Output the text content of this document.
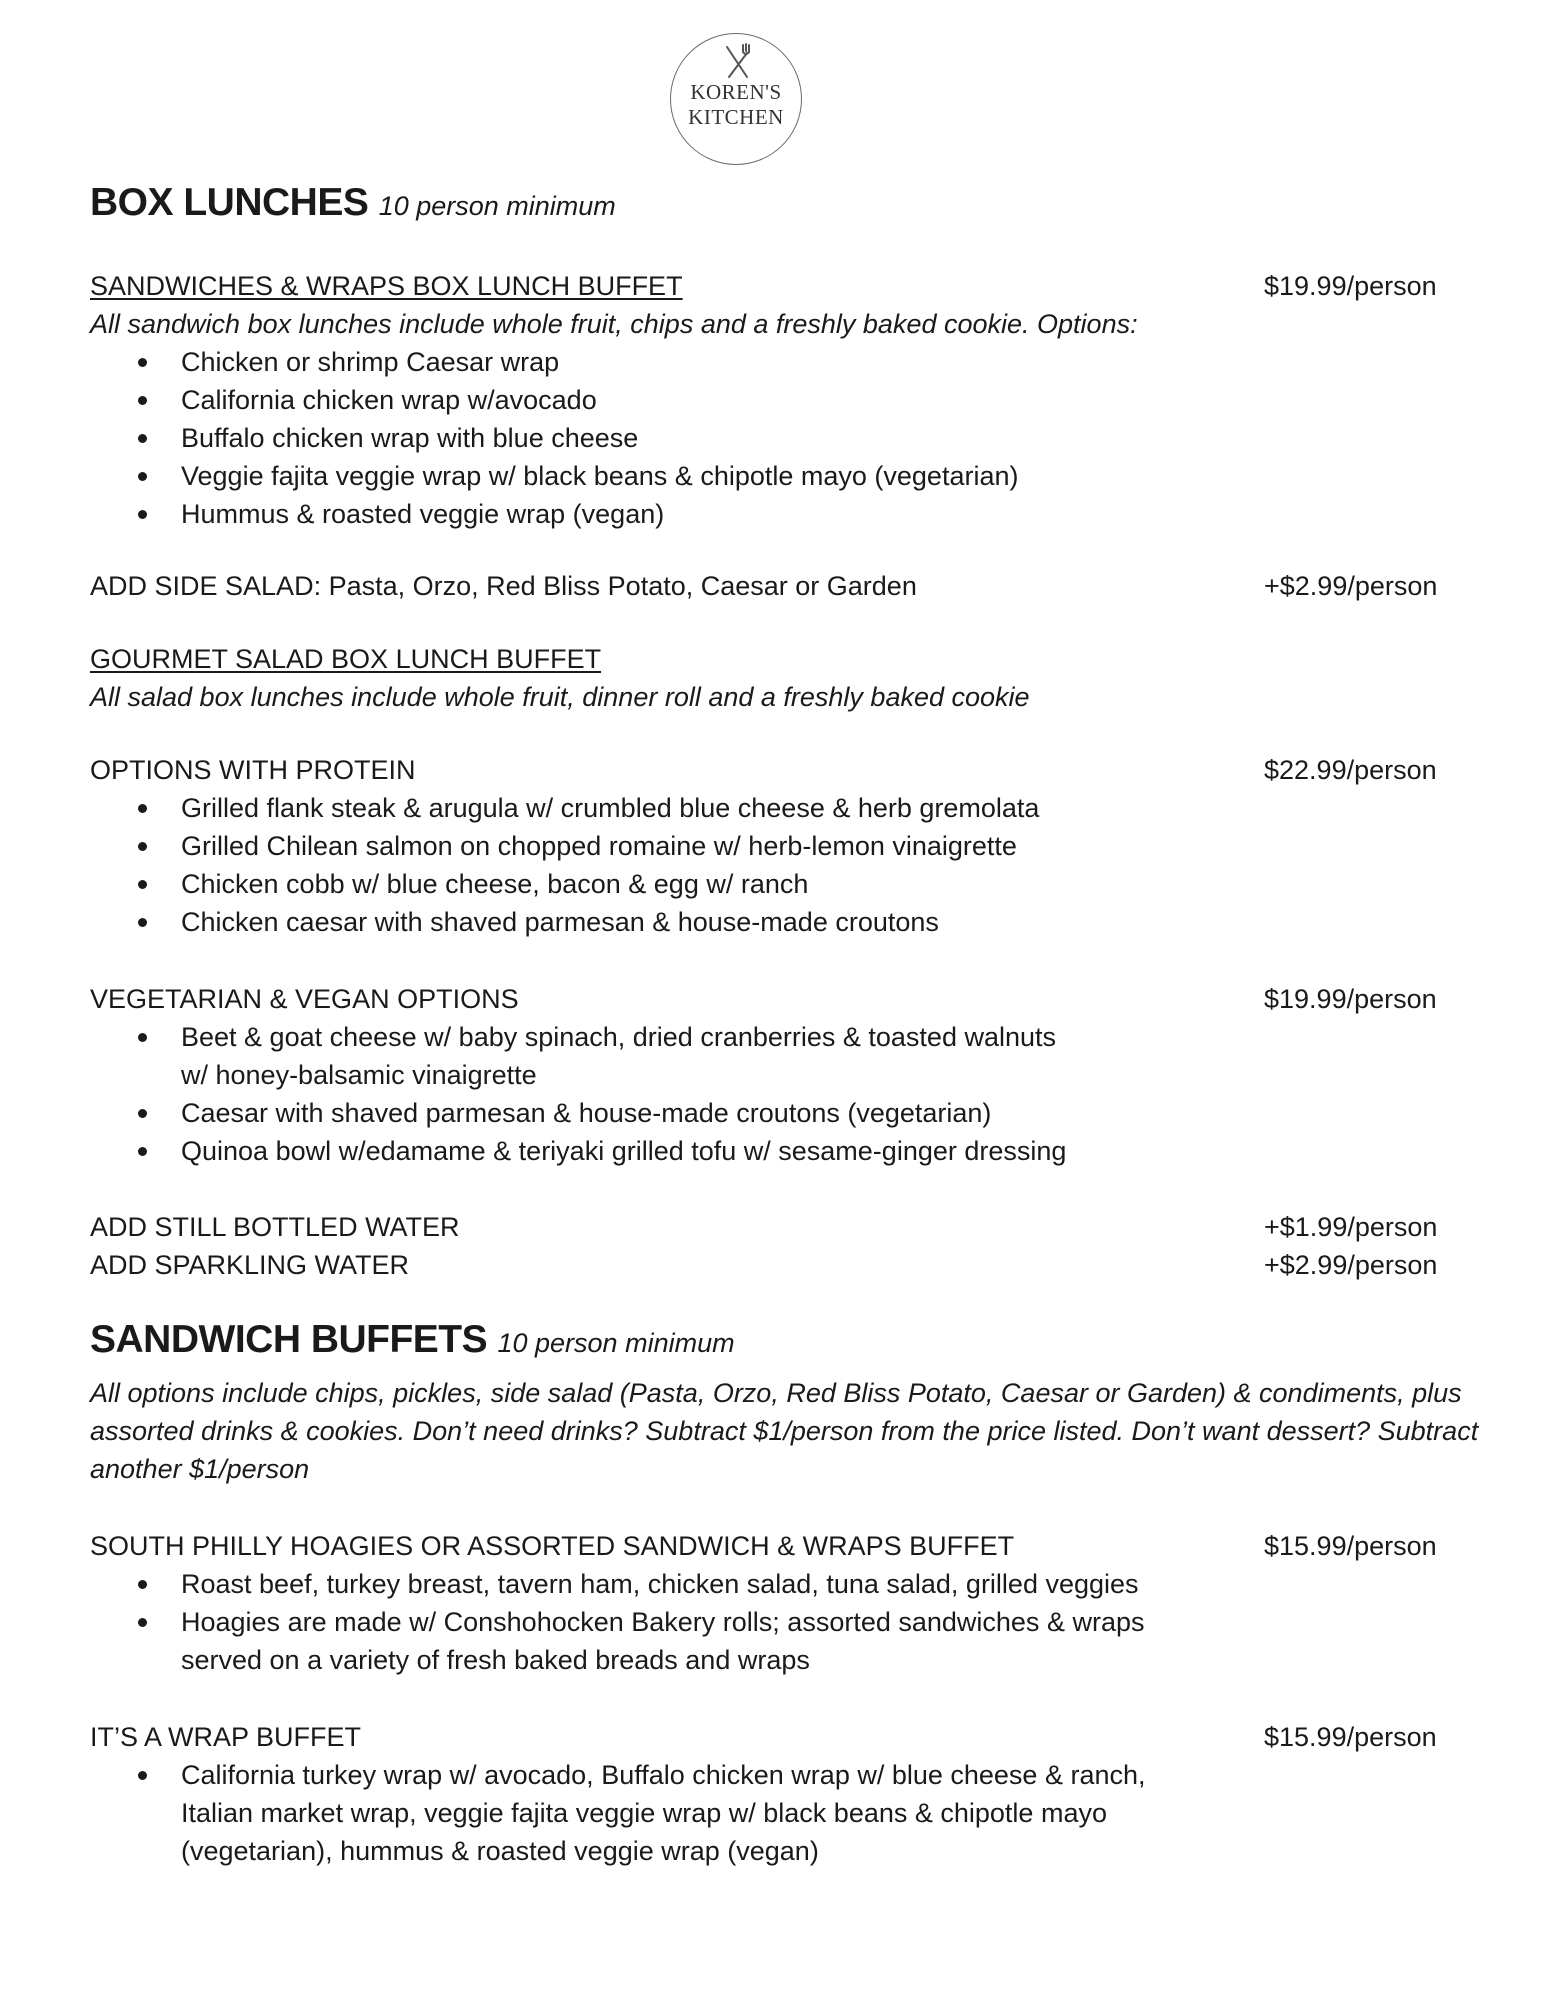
KOREN'S
KITCHEN
BOX LUNCHES 10 person minimum
SANDWICHES & WRAPS BOX LUNCH BUFFET	$19.99/person
All sandwich box lunches include whole fruit, chips and a freshly baked cookie. Options:
Chicken or shrimp Caesar wrap
California chicken wrap w/avocado
Buffalo chicken wrap with blue cheese
Veggie fajita veggie wrap w/ black beans & chipotle mayo (vegetarian)
Hummus & roasted veggie wrap (vegan)
ADD SIDE SALAD: Pasta, Orzo, Red Bliss Potato, Caesar or Garden	+$2.99/person
GOURMET SALAD BOX LUNCH BUFFET
All salad box lunches include whole fruit, dinner roll and a freshly baked cookie
OPTIONS WITH PROTEIN	$22.99/person
Grilled flank steak & arugula w/ crumbled blue cheese & herb gremolata
Grilled Chilean salmon on chopped romaine w/ herb-lemon vinaigrette
Chicken cobb w/ blue cheese, bacon & egg w/ ranch
Chicken caesar with shaved parmesan & house-made croutons
VEGETARIAN & VEGAN OPTIONS	$19.99/person
Beet & goat cheese w/ baby spinach, dried cranberries & toasted walnuts w/ honey-balsamic vinaigrette
Caesar with shaved parmesan & house-made croutons (vegetarian)
Quinoa bowl w/edamame & teriyaki grilled tofu w/ sesame-ginger dressing
ADD STILL BOTTLED WATER	+$1.99/person
ADD SPARKLING WATER	+$2.99/person
SANDWICH BUFFETS 10 person minimum
All options include chips, pickles, side salad (Pasta, Orzo, Red Bliss Potato, Caesar or Garden) & condiments, plus
assorted drinks & cookies. Don’t need drinks? Subtract $1/person from the price listed. Don’t want dessert? Subtract
another $1/person
SOUTH PHILLY HOAGIES OR ASSORTED SANDWICH & WRAPS BUFFET	$15.99/person
Roast beef, turkey breast, tavern ham, chicken salad, tuna salad, grilled veggies
Hoagies are made w/ Conshohocken Bakery rolls; assorted sandwiches & wraps served on a variety of fresh baked breads and wraps
IT’S A WRAP BUFFET	$15.99/person
California turkey wrap w/ avocado, Buffalo chicken wrap w/ blue cheese & ranch, Italian market wrap, veggie fajita veggie wrap w/ black beans & chipotle mayo (vegetarian), hummus & roasted veggie wrap (vegan)
